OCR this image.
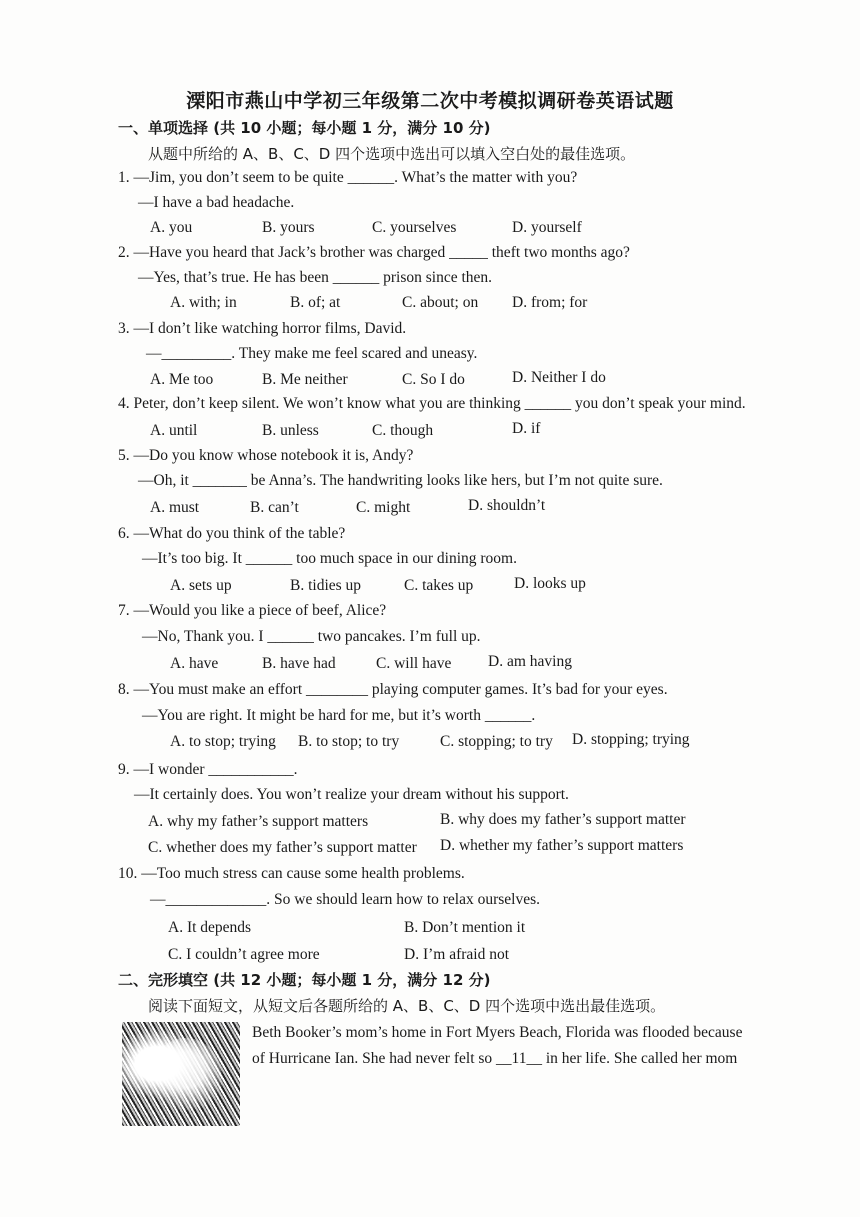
溧阳市燕山中学初三年级第二次中考模拟调研卷英语试题
一、单项选择 (共 10 小题；每小题 1 分，满分 10 分)
从题中所给的 A、B、C、D 四个选项中选出可以填入空白处的最佳选项。
1. —Jim, you don’t seem to be quite ______. What’s the matter with you?
—I have a bad headache.
A. you	B. yours	C. yourselves	D. yourself
2. —Have you heard that Jack’s brother was charged _____ theft two months ago?
—Yes, that’s true. He has been ______ prison since then.
A. with; in	B. of; at	C. about; on D. from; for
3. —I don’t like watching horror films, David.
—_________. They make me feel scared and uneasy.
A. Me too	B. Me neither	C. So I do	D. Neither I do
4. Peter, don’t keep silent. We won’t know what you are thinking ______ you don’t speak your mind.
A. until	B. unless	C. though	D. if
5. —Do you know whose notebook it is, Andy?
—Oh, it _______ be Anna’s. The handwriting looks like hers, but I’m not quite sure.
A. must	B. can’t	C. might	D. shouldn’t
6. —What do you think of the table?
—It’s too big. It ______ too much space in our dining room.
A. sets up	B. tidies up	C. takes up	D. looks up
7. —Would you like a piece of beef, Alice?
—No, Thank you. I ______ two pancakes. I’m full up.
A. have	B. have had	C. will have D. am having
8. —You must make an effort ________ playing computer games. It’s bad for your eyes.
—You are right. It might be hard for me, but it’s worth ______.
A. to stop; trying B. to stop; to try	C. stopping; to try D. stopping; trying
9. —I wonder ___________.
—It certainly does. You won’t realize your dream without his support.
A. why my father’s support matters	B. why does my father’s support matter
C. whether does my father’s support matter D. whether my father’s support matters
10. —Too much stress can cause some health problems.
—_____________. So we should learn how to relax ourselves.
A. It depends	B. Don’t mention it
C. I couldn’t agree more	D. I’m afraid not
二、完形填空 (共 12 小题；每小题 1 分，满分 12 分)
阅读下面短文，从短文后各题所给的 A、B、C、D 四个选项中选出最佳选项。
Beth Booker’s mom’s home in Fort Myers Beach, Florida was flooded because
of Hurricane Ian. She had never felt so __11__ in her life. She called her mom
